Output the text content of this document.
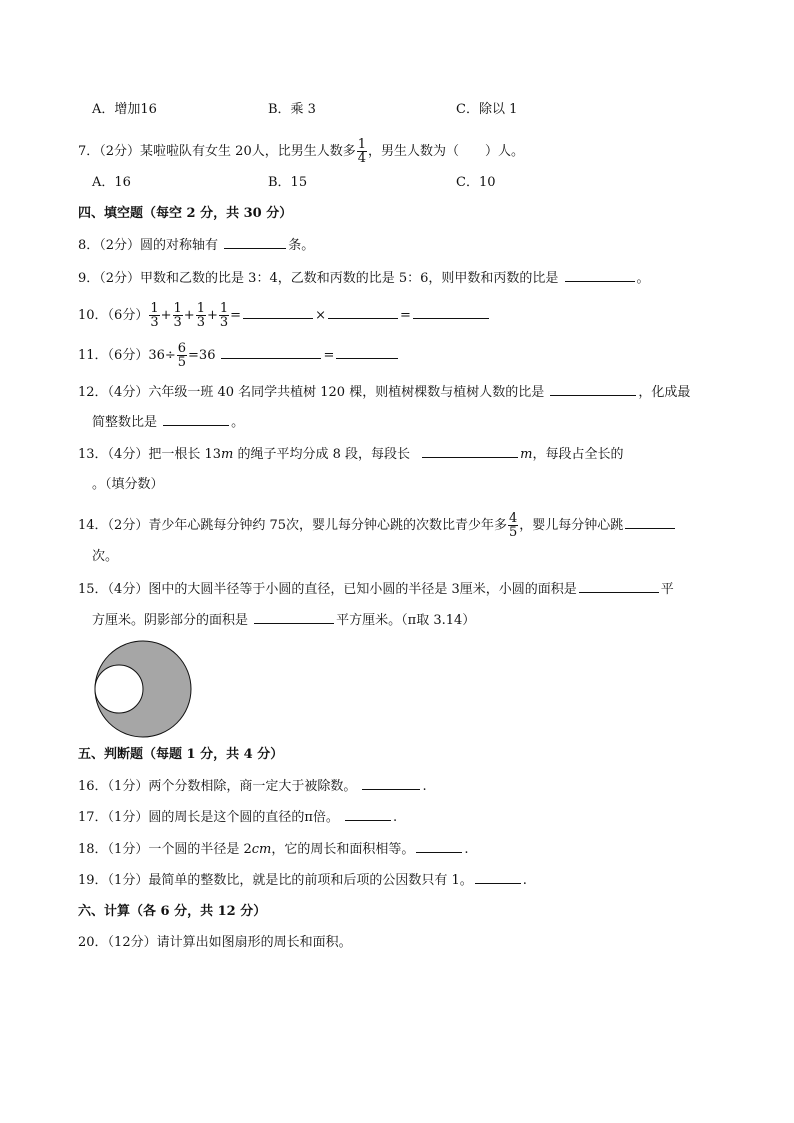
A．增加16	B．乘 3	C．除以 1
7．（2分）某啦啦队有女生 20人，比男生人数多 $\frac{1}{4}$ ，男生人数为（　　）人。
A．16	B．15	C．10
四、填空题（每空 2 分，共 30 分）
8．（2分）圆的对称轴有	条。
9．（2分）甲数和乙数的比是 3：4，乙数和丙数的比是 5：6，则甲数和丙数的比是	。
10．（6分） $\frac{1}{3} + \frac{1}{3} + \frac{1}{3} + \frac{1}{3}$ =	×	=
11．（6分）$36\div \frac{6}{5} =36$	=
12．（4分）六年级一班 40 名同学共植树 120 棵，则植树棵数与植树人数的比是	，化成最
简整数比是	。
13．（4分）把一根长 13m 的绳子平均分成 8 段，每段长	m，每段占全长的
。（填分数）
14．（2分）青少年心跳每分钟约 75次，婴儿每分钟心跳的次数比青少年多 $\frac{4}{5}$ ，婴儿每分钟心跳
次。
15．（4分）图中的大圆半径等于小圆的直径，已知小圆的半径是 3厘米，小圆的面积是	平
方厘米。阴影部分的面积是	平方厘米。（π取 3.14）
五、判断题（每题 1 分，共 4 分）
16．（1分）两个分数相除，商一定大于被除数。	.
17．（1分）圆的周长是这个圆的直径的π倍。	.
18．（1分）一个圆的半径是 2cm，它的周长和面积相等。	.
19．（1分）最简单的整数比，就是比的前项和后项的公因数只有 1。	.
六、计算（各 6 分，共 12 分）
20．（12分）请计算出如图扇形的周长和面积。
